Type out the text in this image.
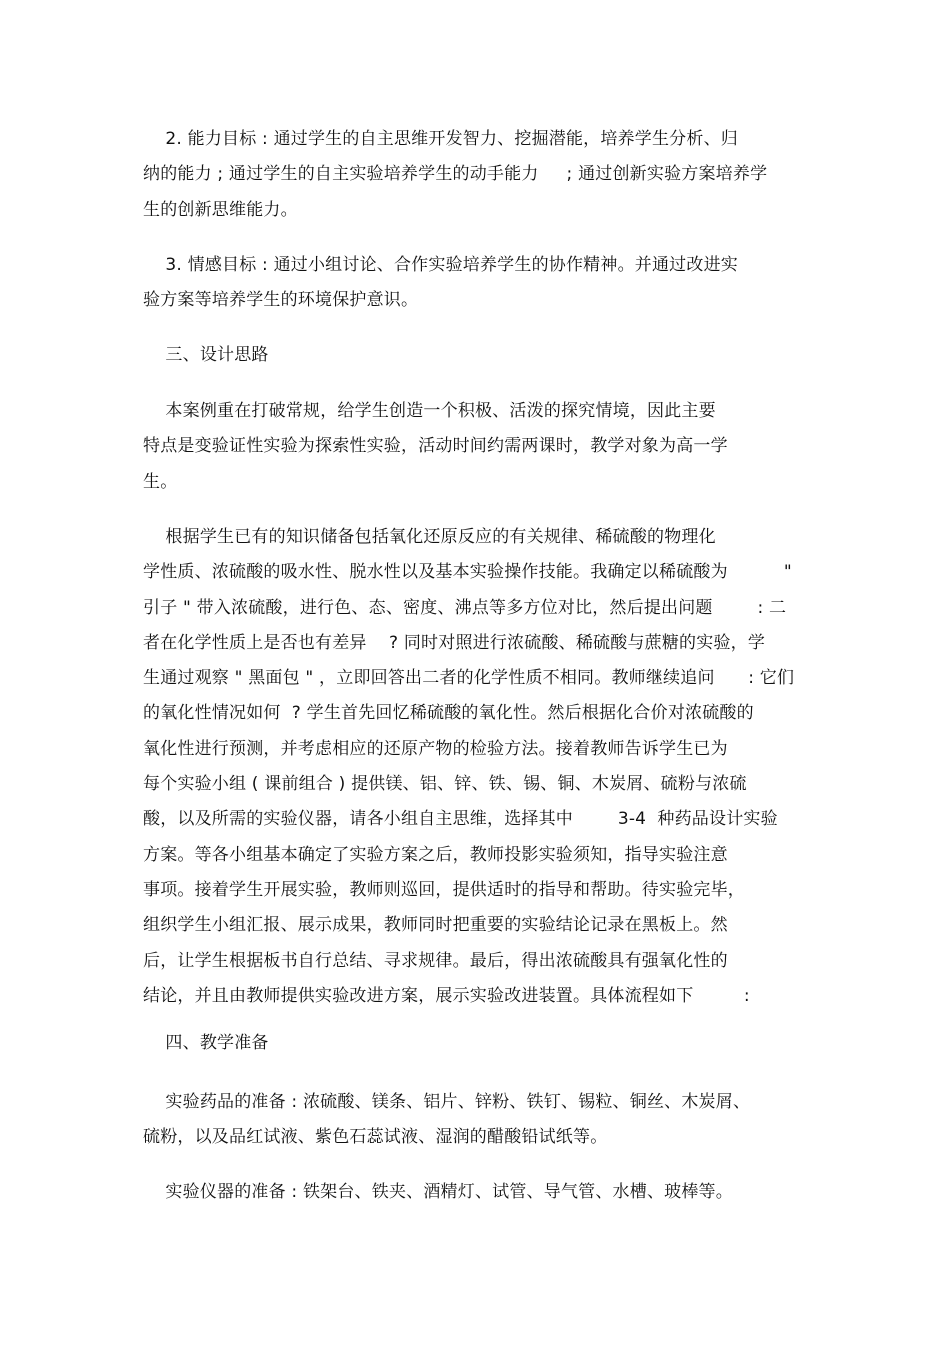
2. 能力目标 : 通过学生的自主思维开发智力、挖掘潜能，培养学生分析、归
纳的能力 ; 通过学生的自主实验培养学生的动手能力     ; 通过创新实验方案培养学
生的创新思维能力。

3. 情感目标 : 通过小组讨论、合作实验培养学生的协作精神。并通过改进实
验方案等培养学生的环境保护意识。

三、设计思路

本案例重在打破常规，给学生创造一个积极、活泼的探究情境，因此主要
特点是变验证性实验为探索性实验，活动时间约需两课时，教学对象为高一学
生。

根据学生已有的知识储备包括氧化还原反应的有关规律、稀硫酸的物理化
学性质、浓硫酸的吸水性、脱水性以及基本实验操作技能。我确定以稀硫酸为          "
引子 " 带入浓硫酸，进行色、态、密度、沸点等多方位对比，然后提出问题        : 二
者在化学性质上是否也有差异    ? 同时对照进行浓硫酸、稀硫酸与蔗糖的实验，学
生通过观察 " 黑面包 " ，立即回答出二者的化学性质不相同。教师继续追问      : 它们
的氧化性情况如何  ? 学生首先回忆稀硫酸的氧化性。然后根据化合价对浓硫酸的
氧化性进行预测，并考虑相应的还原产物的检验方法。接着教师告诉学生已为
每个实验小组 ( 课前组合 ) 提供镁、铝、锌、铁、锡、铜、木炭屑、硫粉与浓硫
酸，以及所需的实验仪器，请各小组自主思维，选择其中        3-4  种药品设计实验
方案。等各小组基本确定了实验方案之后，教师投影实验须知，指导实验注意
事项。接着学生开展实验，教师则巡回，提供适时的指导和帮助。待实验完毕，
组织学生小组汇报、展示成果，教师同时把重要的实验结论记录在黑板上。然
后，让学生根据板书自行总结、寻求规律。最后，得出浓硫酸具有强氧化性的
结论，并且由教师提供实验改进方案，展示实验改进装置。具体流程如下         :

四、教学准备

实验药品的准备 : 浓硫酸、镁条、铝片、锌粉、铁钉、锡粒、铜丝、木炭屑、
硫粉，以及品红试液、紫色石蕊试液、湿润的醋酸铅试纸等。

实验仪器的准备 : 铁架台、铁夹、酒精灯、试管、导气管、水槽、玻棒等。
